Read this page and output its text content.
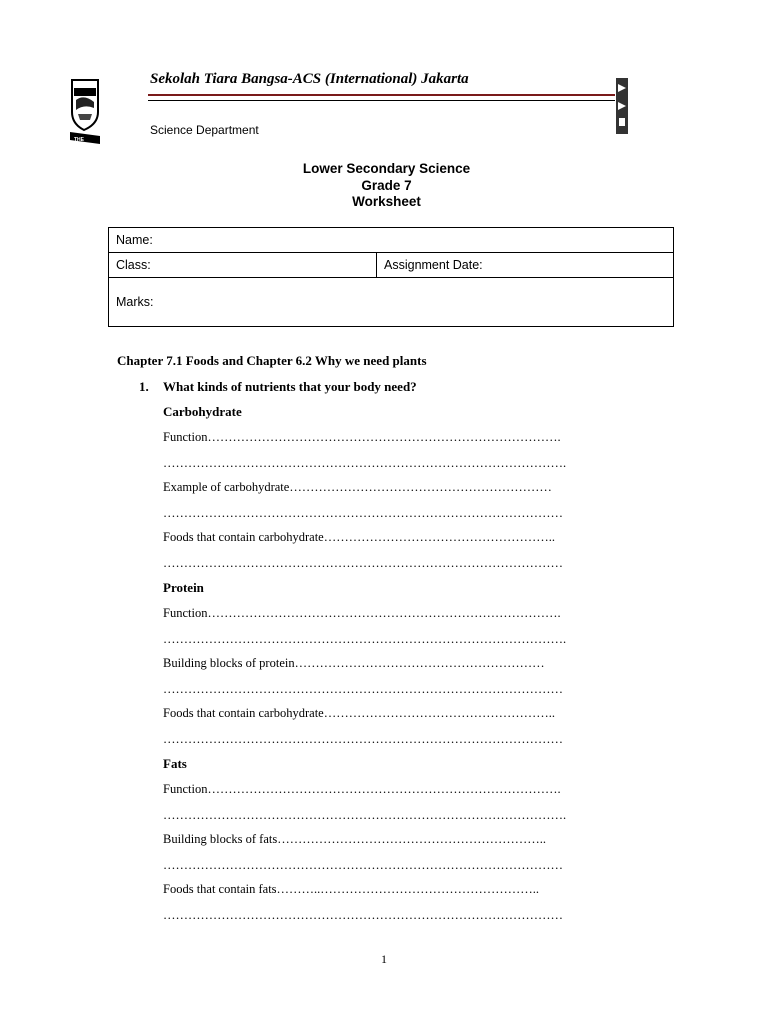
THE
Sekolah Tiara Bangsa-ACS (International) Jakarta
Science Department
Lower Secondary Science
Grade 7
Worksheet
Name:
Class:	Assignment Date:
Marks:
Chapter 7.1 Foods and Chapter 6.2 Why we need plants
1. What kinds of nutrients that your body need?
Carbohydrate
Function………………………………………………………………………….
…………………………………………………………………………………….
Example of carbohydrate………………………………………………………
……………………………………………………………………………………
Foods that contain carbohydrate………………………………………………..
……………………………………………………………………………………
Protein
Function………………………………………………………………………….
…………………………………………………………………………………….
Building blocks of protein……………………………………………………
……………………………………………………………………………………
Foods that contain carbohydrate………………………………………………..
……………………………………………………………………………………
Fats
Function………………………………………………………………………….
…………………………………………………………………………………….
Building blocks of fats………………………………………………………..
……………………………………………………………………………………
Foods that contain fats………..……………………………………………..
……………………………………………………………………………………
1
